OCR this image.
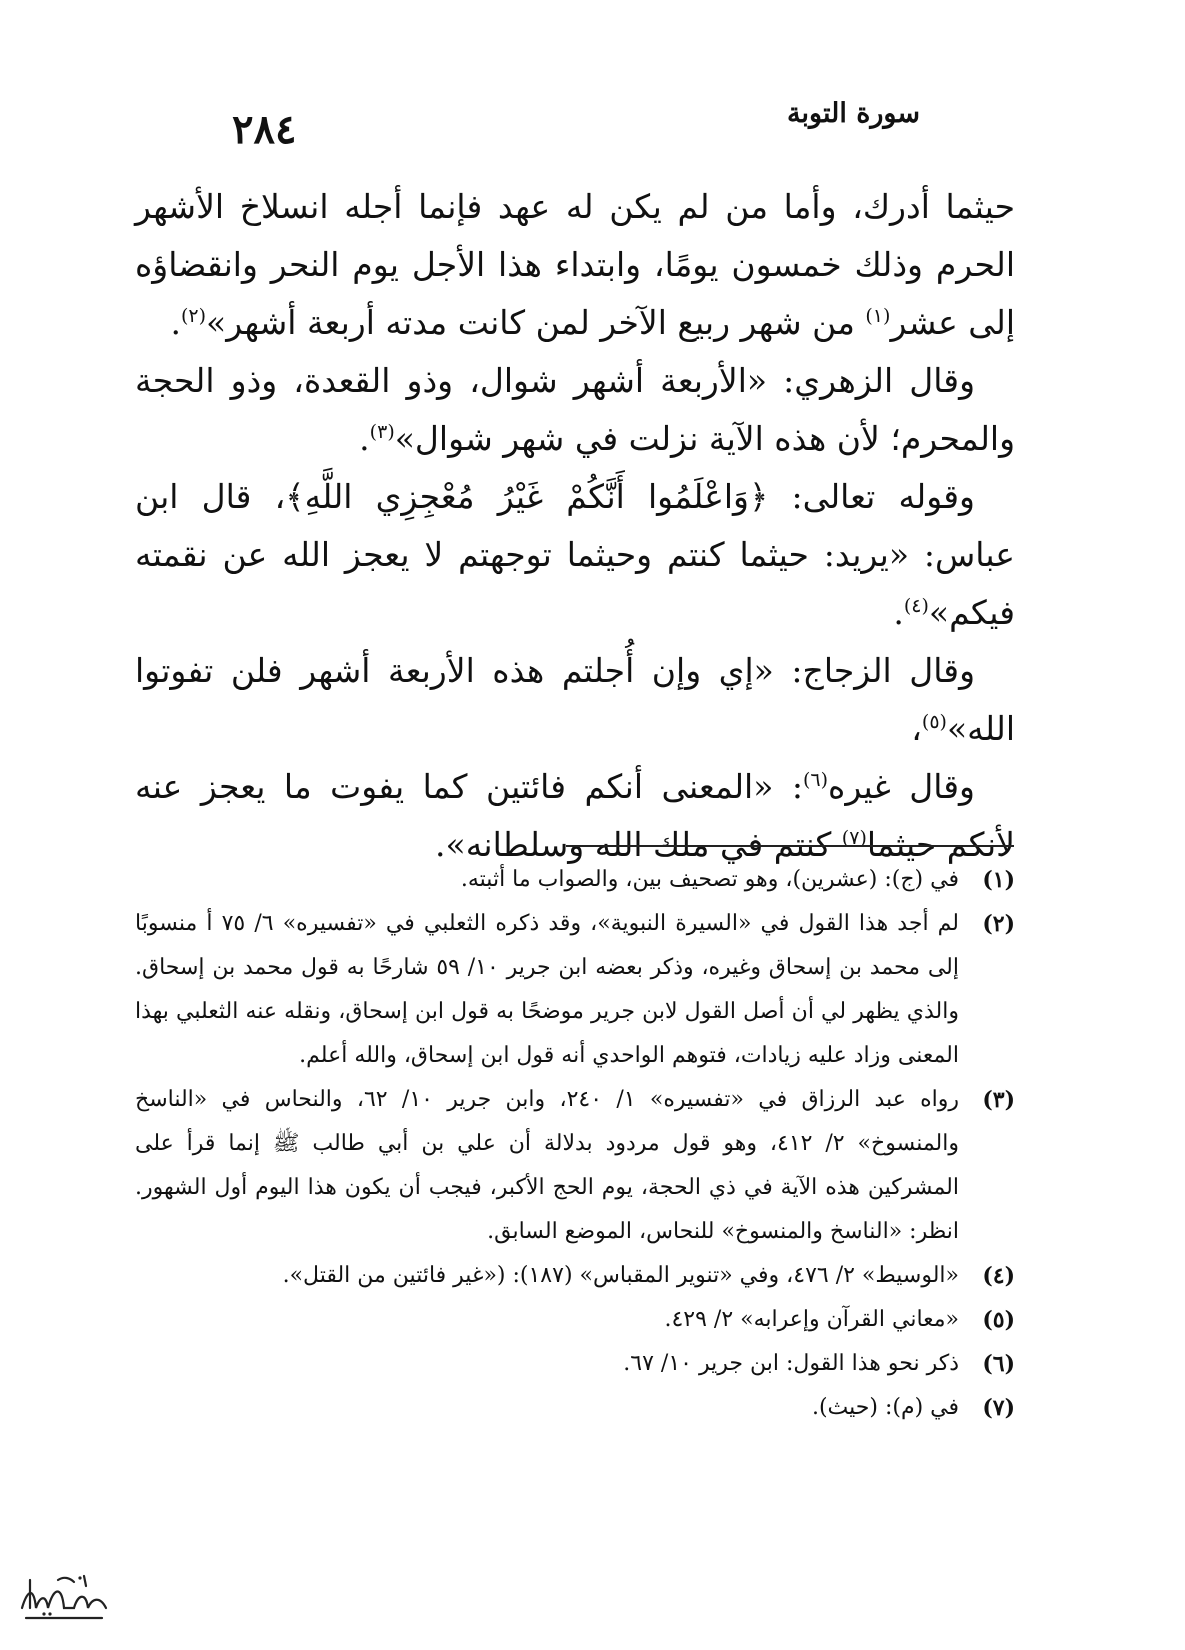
٢٨٤	سورة التوبة

حيثما أدرك، وأما من لم يكن له عهد فإنما أجله انسلاخ الأشهر الحرم وذلك خمسون يومًا، وابتداء هذا الأجل يوم النحر وانقضاؤه إلى عشر$^{(١)}$ من شهر ربيع الآخر لمن كانت مدته أربعة أشهر»$^{(٢)}$.

وقال الزهري: «الأربعة أشهر شوال، وذو القعدة، وذو الحجة والمحرم؛ لأن هذه الآية نزلت في شهر شوال»$^{(٣)}$.

وقوله تعالى: ﴿وَاعْلَمُوا أَنَّكُمْ غَيْرُ مُعْجِزِي اللَّهِ﴾، قال ابن عباس: «يريد: حيثما كنتم وحيثما توجهتم لا يعجز الله عن نقمته فيكم»$^{(٤)}$.

وقال الزجاج: «إي وإن أُجلتم هذه الأربعة أشهر فلن تفوتوا الله»$^{(٥)}$،

وقال غيره$^{(٦)}$: «المعنى أنكم فائتين كما يفوت ما يعجز عنه لأنكم حيثما$^{(٧)}$ كنتم في ملك الله وسلطانه».

(١)
في (ج): (عشرين)، وهو تصحيف بين، والصواب ما أثبته.
(٢)
لم أجد هذا القول في «السيرة النبوية»، وقد ذكره الثعلبي في «تفسيره» ٦/ ٧٥ أ منسوبًا إلى محمد بن إسحاق وغيره، وذكر بعضه ابن جرير ١٠/ ٥٩ شارحًا به قول محمد بن إسحاق. والذي يظهر لي أن أصل القول لابن جرير موضحًا به قول ابن إسحاق، ونقله عنه الثعلبي بهذا المعنى وزاد عليه زيادات، فتوهم الواحدي أنه قول ابن إسحاق، والله أعلم.
(٣)
رواه عبد الرزاق في «تفسيره» ١/ ٢٤٠، وابن جرير ١٠/ ٦٢، والنحاس في «الناسخ والمنسوخ» ٢/ ٤١٢، وهو قول مردود بدلالة أن علي بن أبي طالب ﷺ إنما قرأ على المشركين هذه الآية في ذي الحجة، يوم الحج الأكبر، فيجب أن يكون هذا اليوم أول الشهور. انظر: «الناسخ والمنسوخ» للنحاس، الموضع السابق.
(٤)
«الوسيط» ٢/ ٤٧٦، وفي «تنوير المقباس» (١٨٧): («غير فائتين من القتل».
(٥)
«معاني القرآن وإعرابه» ٢/ ٤٢٩.
(٦)
ذكر نحو هذا القول: ابن جرير ١٠/ ٦٧.
(٧)
في (م): (حيث).
